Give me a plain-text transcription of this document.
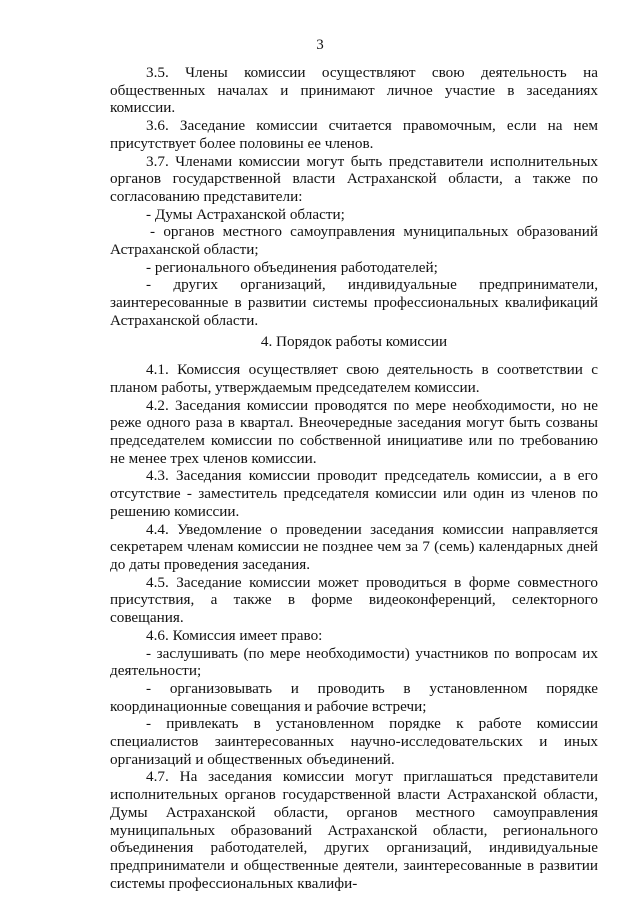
3

3.5. Члены комиссии осуществляют свою деятельность на общественных началах и принимают личное участие в заседаниях комиссии.

3.6. Заседание комиссии считается правомочным, если на нем присутствует более половины ее членов.

3.7. Членами комиссии могут быть представители исполнительных органов государственной власти Астраханской области, а также по согласованию представители:

- Думы Астраханской области;

- органов местного самоуправления муниципальных образований Астраханской области;

- регионального объединения работодателей;

- других организаций, индивидуальные предприниматели, заинтересованные в развитии системы профессиональных квалификаций Астраханской области.

4. Порядок работы комиссии

4.1. Комиссия осуществляет свою деятельность в соответствии с планом работы, утверждаемым председателем комиссии.

4.2. Заседания комиссии проводятся по мере необходимости, но не реже одного раза в квартал. Внеочередные заседания могут быть созваны председателем комиссии по собственной инициативе или по требованию не менее трех членов комиссии.

4.3. Заседания комиссии проводит председатель комиссии, а в его отсутствие - заместитель председателя комиссии или один из членов по решению комиссии.

4.4. Уведомление о проведении заседания комиссии направляется секретарем членам комиссии не позднее чем за 7 (семь) календарных дней до даты проведения заседания.

4.5. Заседание комиссии может проводиться в форме совместного присутствия, а также в форме видеоконференций, селекторного совещания.

4.6. Комиссия имеет право:

- заслушивать (по мере необходимости) участников по вопросам их деятельности;

- организовывать и проводить в установленном порядке координационные совещания и рабочие встречи;

- привлекать в установленном порядке к работе комиссии специалистов заинтересованных научно-исследовательских и иных организаций и общественных объединений.

4.7. На заседания комиссии могут приглашаться представители исполнительных органов государственной власти Астраханской области, Думы Астраханской области, органов местного самоуправления муниципальных образований Астраханской области, регионального объединения работодателей, других организаций, индивидуальные предприниматели и общественные деятели, заинтересованные в развитии системы профессиональных квалифи-
